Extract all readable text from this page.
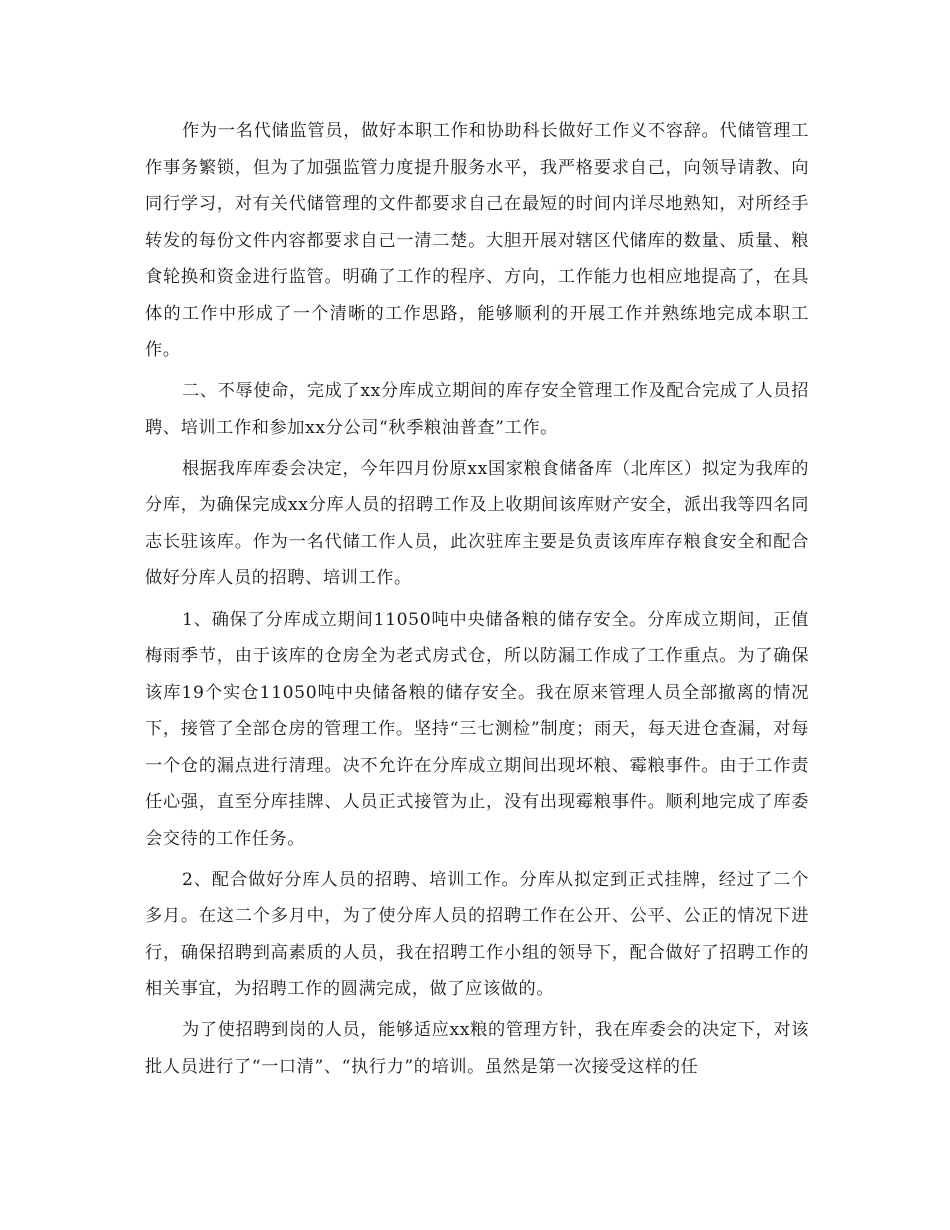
作为一名代储监管员，做好本职工作和协助科长做好工作义不容辞。代储管理工作事务繁锁，但为了加强监管力度提升服务水平，我严格要求自己，向领导请教、向同行学习，对有关代储管理的文件都要求自己在最短的时间内详尽地熟知，对所经手转发的每份文件内容都要求自己一清二楚。大胆开展对辖区代储库的数量、质量、粮食轮换和资金进行监管。明确了工作的程序、方向，工作能力也相应地提高了，在具体的工作中形成了一个清晰的工作思路，能够顺利的开展工作并熟练地完成本职工作。

二、不辱使命，完成了xx分库成立期间的库存安全管理工作及配合完成了人员招聘、培训工作和参加xx分公司“秋季粮油普查”工作。

根据我库库委会决定，今年四月份原xx国家粮食储备库（北库区）拟定为我库的分库，为确保完成xx分库人员的招聘工作及上收期间该库财产安全，派出我等四名同志长驻该库。作为一名代储工作人员，此次驻库主要是负责该库库存粮食安全和配合做好分库人员的招聘、培训工作。

1、确保了分库成立期间11050吨中央储备粮的储存安全。分库成立期间，正值梅雨季节，由于该库的仓房全为老式房式仓，所以防漏工作成了工作重点。为了确保该库19个实仓11050吨中央储备粮的储存安全。我在原来管理人员全部撤离的情况下，接管了全部仓房的管理工作。坚持“三七测检”制度；雨天，每天进仓查漏，对每一个仓的漏点进行清理。决不允许在分库成立期间出现坏粮、霉粮事件。由于工作责任心强，直至分库挂牌、人员正式接管为止，没有出现霉粮事件。顺利地完成了库委会交待的工作任务。

2、配合做好分库人员的招聘、培训工作。分库从拟定到正式挂牌，经过了二个多月。在这二个多月中，为了使分库人员的招聘工作在公开、公平、公正的情况下进行，确保招聘到高素质的人员，我在招聘工作小组的领导下，配合做好了招聘工作的相关事宜，为招聘工作的圆满完成，做了应该做的。

为了使招聘到岗的人员，能够适应xx粮的管理方针，我在库委会的决定下，对该批人员进行了“一口清”、“执行力”的培训。虽然是第一次接受这样的任
